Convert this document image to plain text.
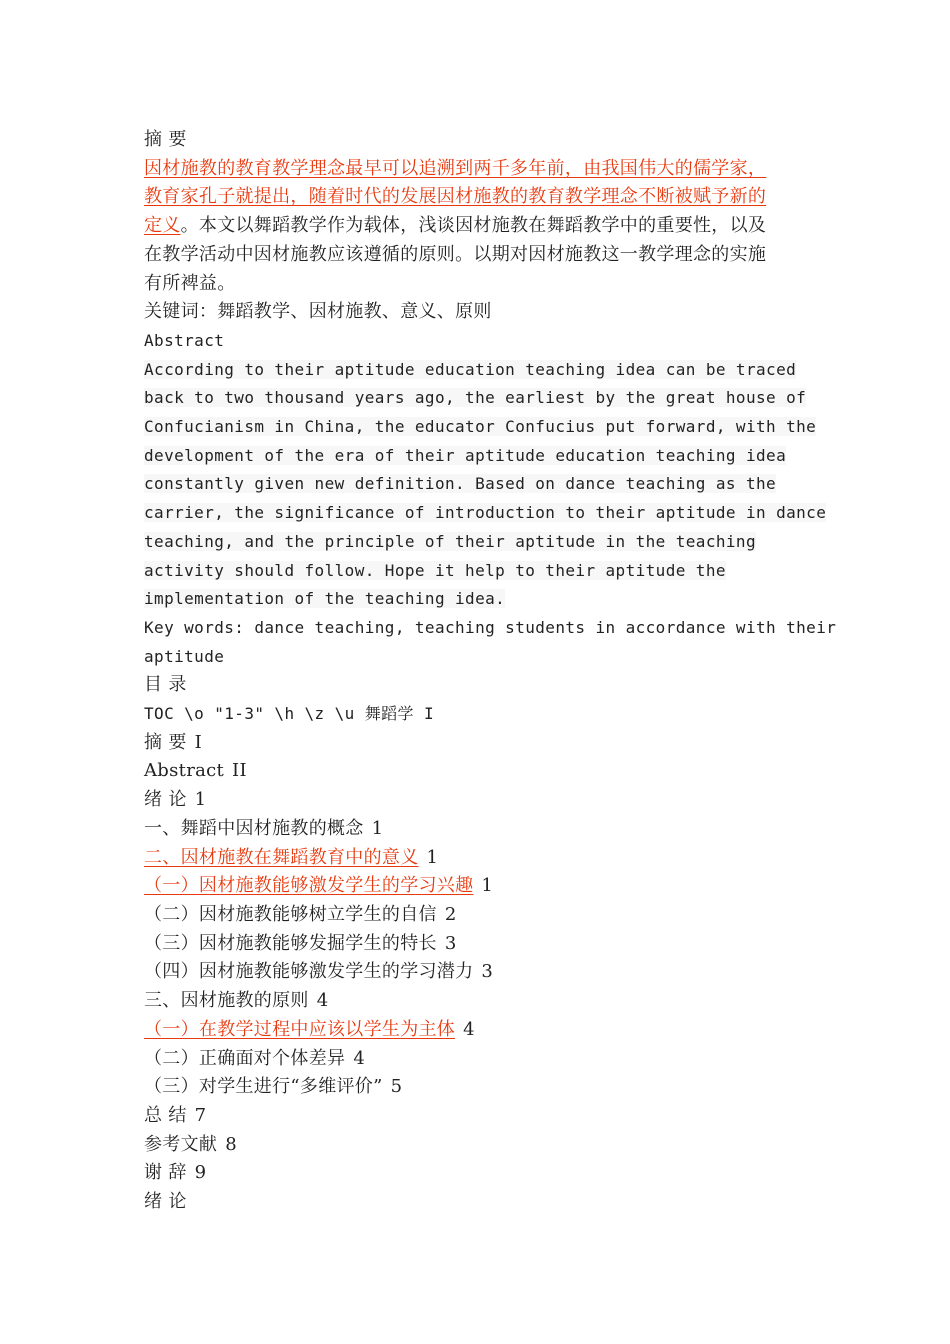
摘 要
因材施教的教育教学理念最早可以追溯到两千多年前，由我国伟大的儒学家，
教育家孔子就提出，随着时代的发展因材施教的教育教学理念不断被赋予新的
定义。本文以舞蹈教学作为载体，浅谈因材施教在舞蹈教学中的重要性，以及
在教学活动中因材施教应该遵循的原则。以期对因材施教这一教学理念的实施
有所裨益。
关键词：舞蹈教学、因材施教、意义、原则
Abstract
According to their aptitude education teaching idea can be traced
back to two thousand years ago, the earliest by the great house of
Confucianism in China, the educator Confucius put forward, with the
development of the era of their aptitude education teaching idea
constantly given new definition. Based on dance teaching as the
carrier, the significance of introduction to their aptitude in dance
teaching, and the principle of their aptitude in the teaching
activity should follow. Hope it help to their aptitude the
implementation of the teaching idea.
Key words: dance teaching, teaching students in accordance with their
aptitude
目 录
TOC \o "1-3" \h \z \u 舞蹈学 I
摘 要 I
Abstract II
绪 论 1
一、舞蹈中因材施教的概念 1
二、因材施教在舞蹈教育中的意义 1
（一）因材施教能够激发学生的学习兴趣 1
（二）因材施教能够树立学生的自信 2
（三）因材施教能够发掘学生的特长 3
（四）因材施教能够激发学生的学习潜力 3
三、因材施教的原则 4
（一）在教学过程中应该以学生为主体 4
（二）正确面对个体差异 4
（三）对学生进行“多维评价” 5
总 结 7
参考文献 8
谢 辞 9
绪 论
